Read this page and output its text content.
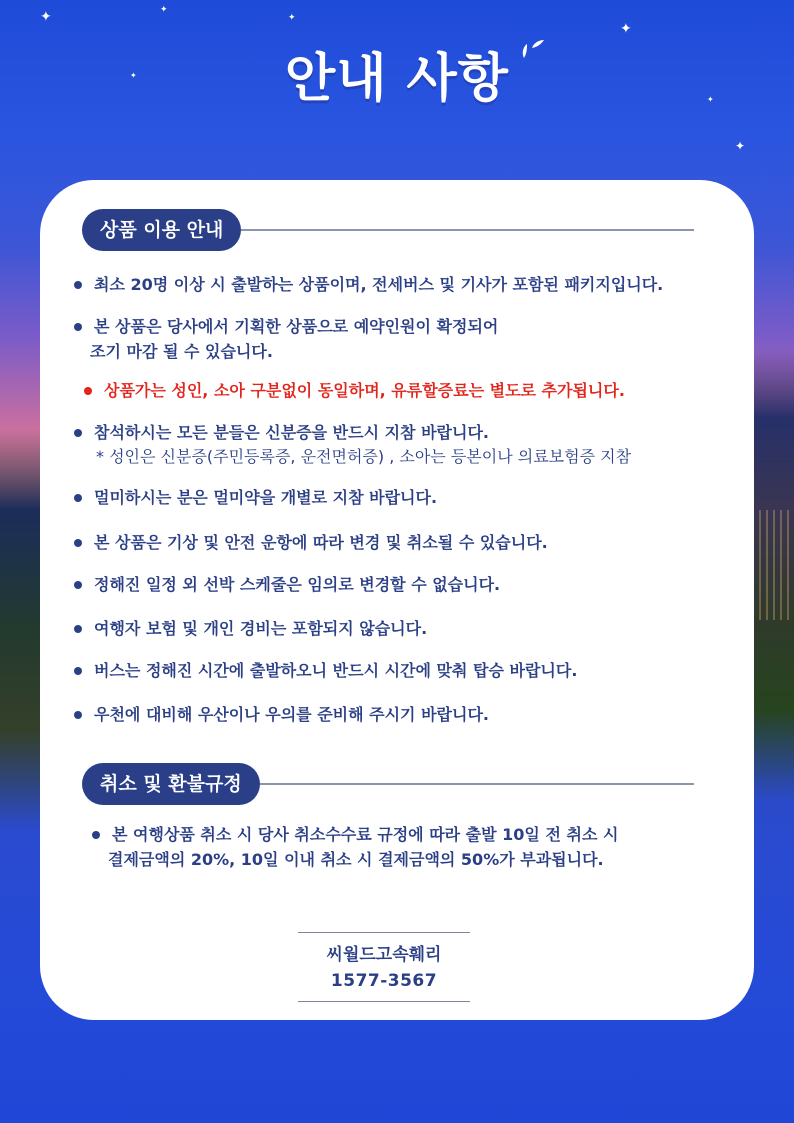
✦	✦
✦
✦
✦
✦
✦	안내 사항
상품 이용 안내
최소 20명 이상 시 출발하는 상품이며, 전세버스 및 기사가 포함된 패키지입니다.
본 상품은 당사에서 기획한 상품으로 예약인원이 확정되어
조기 마감 될 수 있습니다.
상품가는 성인, 소아 구분없이 동일하며, 유류할증료는 별도로 추가됩니다.
참석하시는 모든 분들은 신분증을 반드시 지참 바랍니다.
* 성인은 신분증(주민등록증, 운전면허증) , 소아는 등본이나 의료보험증 지참
멀미하시는 분은 멀미약을 개별로 지참 바랍니다.
본 상품은 기상 및 안전 운항에 따라 변경 및 취소될 수 있습니다.
정해진 일정 외 선박 스케줄은 임의로 변경할 수 없습니다.
여행자 보험 및 개인 경비는 포함되지 않습니다.
버스는 정해진 시간에 출발하오니 반드시 시간에 맞춰 탑승 바랍니다.
우천에 대비해 우산이나 우의를 준비해 주시기 바랍니다.
취소 및 환불규정
본 여행상품 취소 시 당사 취소수수료 규정에 따라 출발 10일 전 취소 시
결제금액의 20%, 10일 이내 취소 시 결제금액의 50%가 부과됩니다.
씨월드고속훼리
1577-3567
